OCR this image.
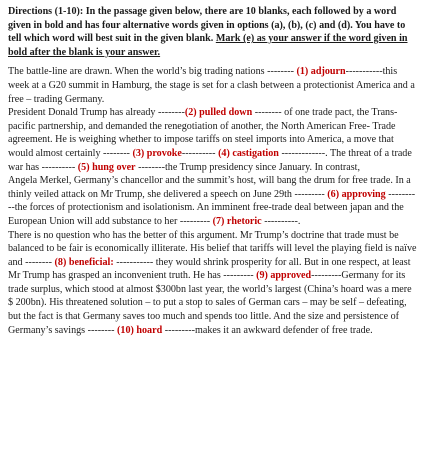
Directions (1-10): In the passage given below, there are 10 blanks, each followed by a word given in bold and has four alternative words given in options (a), (b), (c) and (d). You have to tell which word will best suit in the given blank. Mark (e) as your answer if the word given in bold after the blank is your answer.

The battle-line are drawn. When the world’s big trading nations -------- (1) adjourn-----------this week at a G20 summit in Hamburg, the stage is set for a clash between a protectionist America and a free – trading Germany.

President Donald Trump has already --------(2) pulled down -------- of one trade pact, the Trans-pacific partnership, and demanded the renegotiation of another, the North American Free- Trade agreement. He is weighing whether to impose tariffs on steel imports into America, a move that would almost certainly -------- (3) provoke---------- (4) castigation -------------. The threat of a trade war has ---------- (5) hung over --------the Trump presidency since January. In contrast,

Angela Merkel, Germany’s chancellor and the summit’s host, will bang the drum for free trade. In a thinly veiled attack on Mr Trump, she delivered a speech on June 29th --------- (6) approving ----------the forces of protectionism and isolationism. An imminent free-trade deal between japan and the European Union will add substance to her --------- (7) rhetoric ----------.

There is no question who has the better of this argument. Mr Trump’s doctrine that trade must be balanced to be fair is economically illiterate. His belief that tariffs will level the playing field is naïve and -------- (8) beneficial: ----------- they would shrink prosperity for all. But in one respect, at least Mr Trump has grasped an inconvenient truth. He has --------- (9) approved---------Germany for its trade surplus, which stood at almost $300bn last year, the world’s largest (China’s hoard was a mere $ 200bn). His threatened solution – to put a stop to sales of German cars – may be self – defeating, but the fact is that Germany saves too much and spends too little. And the size and persistence of Germany’s savings -------- (10) hoard ---------makes it an awkward defender of free trade.
